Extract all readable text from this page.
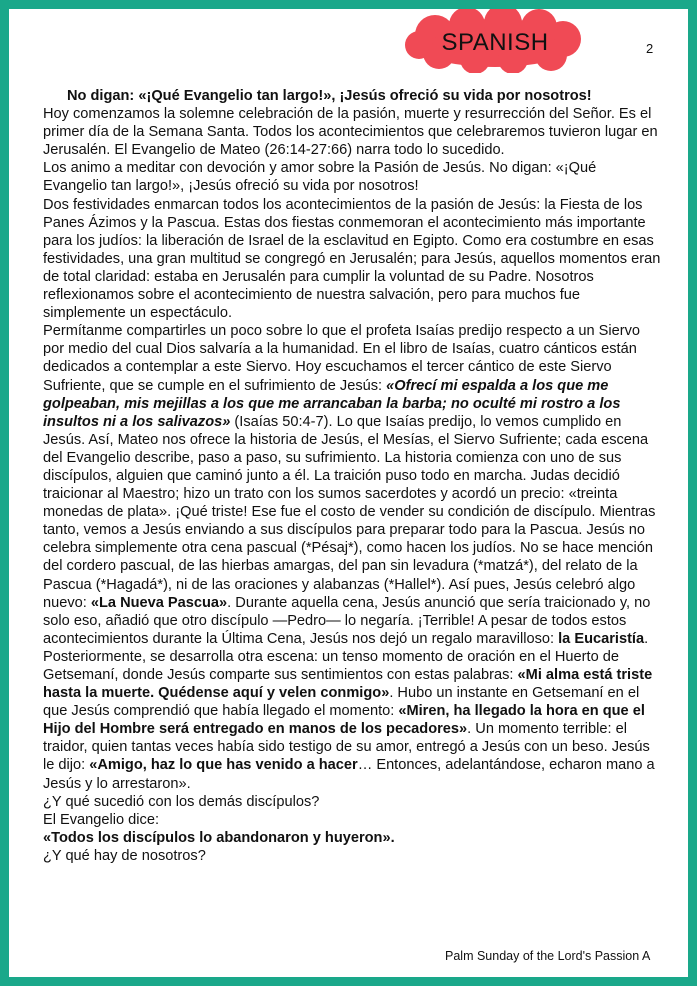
SPANISH	2

No digan: «¡Qué Evangelio tan largo!», ¡Jesús ofreció su vida por nosotros!

Hoy comenzamos la solemne celebración de la pasión, muerte y resurrección del Señor. Es el primer día de la Semana Santa. Todos los acontecimientos que celebraremos tuvieron lugar en Jerusalén. El Evangelio de Mateo (26:14-27:66) narra todo lo sucedido.

Los animo a meditar con devoción y amor sobre la Pasión de Jesús. No digan: «¡Qué Evangelio tan largo!», ¡Jesús ofreció su vida por nosotros!

Dos festividades enmarcan todos los acontecimientos de la pasión de Jesús: la Fiesta de los Panes Ázimos y la Pascua. Estas dos fiestas conmemoran el acontecimiento más importante para los judíos: la liberación de Israel de la esclavitud en Egipto. Como era costumbre en esas festividades, una gran multitud se congregó en Jerusalén; para Jesús, aquellos momentos eran de total claridad: estaba en Jerusalén para cumplir la voluntad de su Padre. Nosotros reflexionamos sobre el acontecimiento de nuestra salvación, pero para muchos fue simplemente un espectáculo.

Permítanme compartirles un poco sobre lo que el profeta Isaías predijo respecto a un Siervo por medio del cual Dios salvaría a la humanidad. En el libro de Isaías, cuatro cánticos están dedicados a contemplar a este Siervo. Hoy escuchamos el tercer cántico de este Siervo Sufriente, que se cumple en el sufrimiento de Jesús: «Ofrecí mi espalda a los que me golpeaban, mis mejillas a los que me arrancaban la barba; no oculté mi rostro a los insultos ni a los salivazos» (Isaías 50:4-7). Lo que Isaías predijo, lo vemos cumplido en Jesús. Así, Mateo nos ofrece la historia de Jesús, el Mesías, el Siervo Sufriente; cada escena del Evangelio describe, paso a paso, su sufrimiento. La historia comienza con uno de sus discípulos, alguien que caminó junto a él. La traición puso todo en marcha. Judas decidió traicionar al Maestro; hizo un trato con los sumos sacerdotes y acordó un precio: «treinta monedas de plata». ¡Qué triste! Ese fue el costo de vender su condición de discípulo. Mientras tanto, vemos a Jesús enviando a sus discípulos para preparar todo para la Pascua. Jesús no celebra simplemente otra cena pascual (*Pésaj*), como hacen los judíos. No se hace mención del cordero pascual, de las hierbas amargas, del pan sin levadura (*matzá*), del relato de la Pascua (*Hagadá*), ni de las oraciones y alabanzas (*Hallel*). Así pues, Jesús celebró algo nuevo: «La Nueva Pascua». Durante aquella cena, Jesús anunció que sería traicionado y, no solo eso, añadió que otro discípulo —Pedro— lo negaría. ¡Terrible! A pesar de todos estos acontecimientos durante la Última Cena, Jesús nos dejó un regalo maravilloso: la Eucaristía. Posteriormente, se desarrolla otra escena: un tenso momento de oración en el Huerto de Getsemaní, donde Jesús comparte sus sentimientos con estas palabras: «Mi alma está triste hasta la muerte. Quédense aquí y velen conmigo». Hubo un instante en Getsemaní en el que Jesús comprendió que había llegado el momento: «Miren, ha llegado la hora en que el Hijo del Hombre será entregado en manos de los pecadores». Un momento terrible: el traidor, quien tantas veces había sido testigo de su amor, entregó a Jesús con un beso. Jesús le dijo: «Amigo, haz lo que has venido a hacer… Entonces, adelantándose, echaron mano a Jesús y lo arrestaron».

¿Y qué sucedió con los demás discípulos?

El Evangelio dice:

«Todos los discípulos lo abandonaron y huyeron».

¿Y qué hay de nosotros?

Palm Sunday of the Lord's Passion A
